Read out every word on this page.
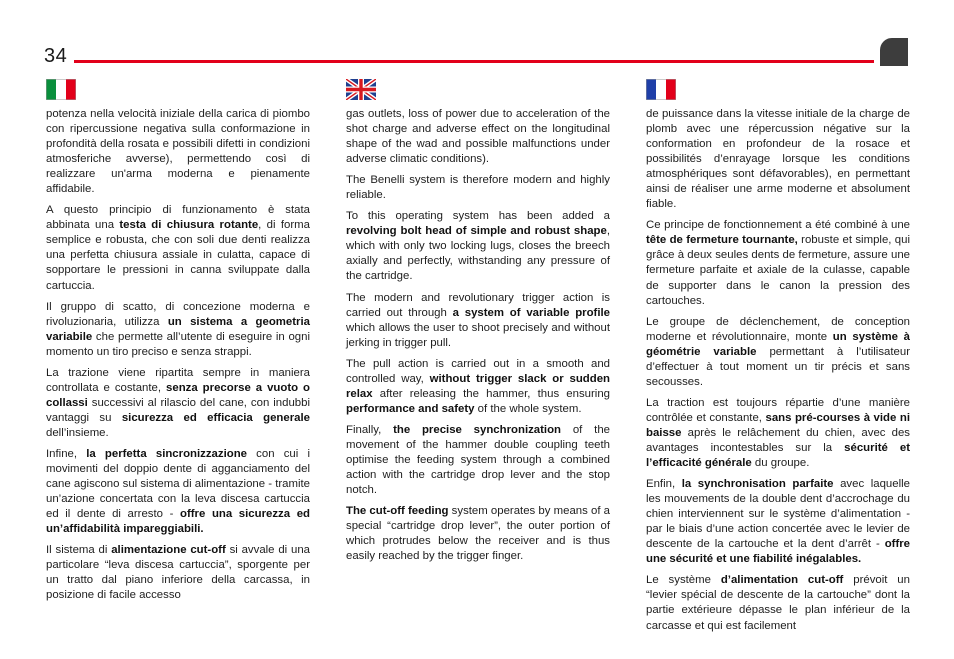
34

potenza nella velocità iniziale della carica di piombo con ripercussione negativa sulla conformazione in profondità della rosata e possibili difetti in condizioni atmosferiche avverse), permettendo così di realizzare un'arma moderna e pienamente affidabile.

A questo principio di funzionamento è stata abbinata una testa di chiusura rotante, di forma semplice e robusta, che con soli due denti realizza una perfetta chiusura assiale in culatta, capace di sopportare le pressioni in canna sviluppate dalla cartuccia.

Il gruppo di scatto, di concezione moderna e rivoluzionaria, utilizza un sistema a geometria variabile che permette all’utente di eseguire in ogni momento un tiro preciso e senza strappi.

La trazione viene ripartita sempre in maniera controllata e costante, senza precorse a vuoto o collassi successivi al rilascio del cane, con indubbi vantaggi su sicurezza ed efficacia generale dell’insieme.

Infine, la perfetta sincronizzazione con cui i movimenti del doppio dente di agganciamento del cane agiscono sul sistema di alimentazione - tramite un’azione concertata con la leva discesa cartuccia ed il dente di arresto - offre una sicurezza ed un’affidabilità impareggiabili.

Il sistema di alimentazione cut-off si avvale di una particolare “leva discesa cartuccia”, sporgente per un tratto dal piano inferiore della carcassa, in posizione di facile accesso

gas outlets, loss of power due to acceleration of the shot charge and adverse effect on the longitudinal shape of the wad and possible malfunctions under adverse climatic conditions).

The Benelli system is therefore modern and highly reliable.

To this operating system has been added a revolving bolt head of simple and robust shape, which with only two locking lugs, closes the breech axially and perfectly, withstanding any pressure of the cartridge.

The modern and revolutionary trigger action is carried out through a system of variable profile which allows the user to shoot precisely and without jerking in trigger pull.

The pull action is carried out in a smooth and controlled way, without trigger slack or sudden relax after releasing the hammer, thus ensuring performance and safety of the whole system.

Finally, the precise synchronization of the movement of the hammer double coupling teeth optimise the feeding system through a combined action with the cartridge drop lever and the stop notch.

The cut-off feeding system operates by means of a special “cartridge drop lever”, the outer portion of which protrudes below the receiver and is thus easily reached by the trigger finger.

de puissance dans la vitesse initiale de la charge de plomb avec une répercussion négative sur la conformation en profondeur de la rosace et possibilités d’enrayage lorsque les conditions atmosphériques sont défavorables), en permettant ainsi de réaliser une arme moderne et absolument fiable.

Ce principe de fonctionnement a été combiné à une tête de fermeture tournante, robuste et simple, qui grâce à deux seules dents de fermeture, assure une fermeture parfaite et axiale de la culasse, capable de supporter dans le canon la pression des cartouches.

Le groupe de déclenchement, de conception moderne et révolutionnaire, monte un système à géométrie variable permettant à l’utilisateur d’effectuer à tout moment un tir précis et sans secousses.

La traction est toujours répartie d’une manière contrôlée et constante, sans pré-courses à vide ni baisse après le relâchement du chien, avec des avantages incontestables sur la sécurité et l’efficacité générale du groupe.

Enfin, la synchronisation parfaite avec laquelle les mouvements de la double dent d’accrochage du chien interviennent sur le système d’alimentation - par le biais d’une action concertée avec le levier de descente de la cartouche et la dent d’arrêt - offre une sécurité et une fiabilité inégalables.

Le système d’alimentation cut-off prévoit un “levier spécial de descente de la cartouche” dont la partie extérieure dépasse le plan inférieur de la carcasse et qui est facilement
